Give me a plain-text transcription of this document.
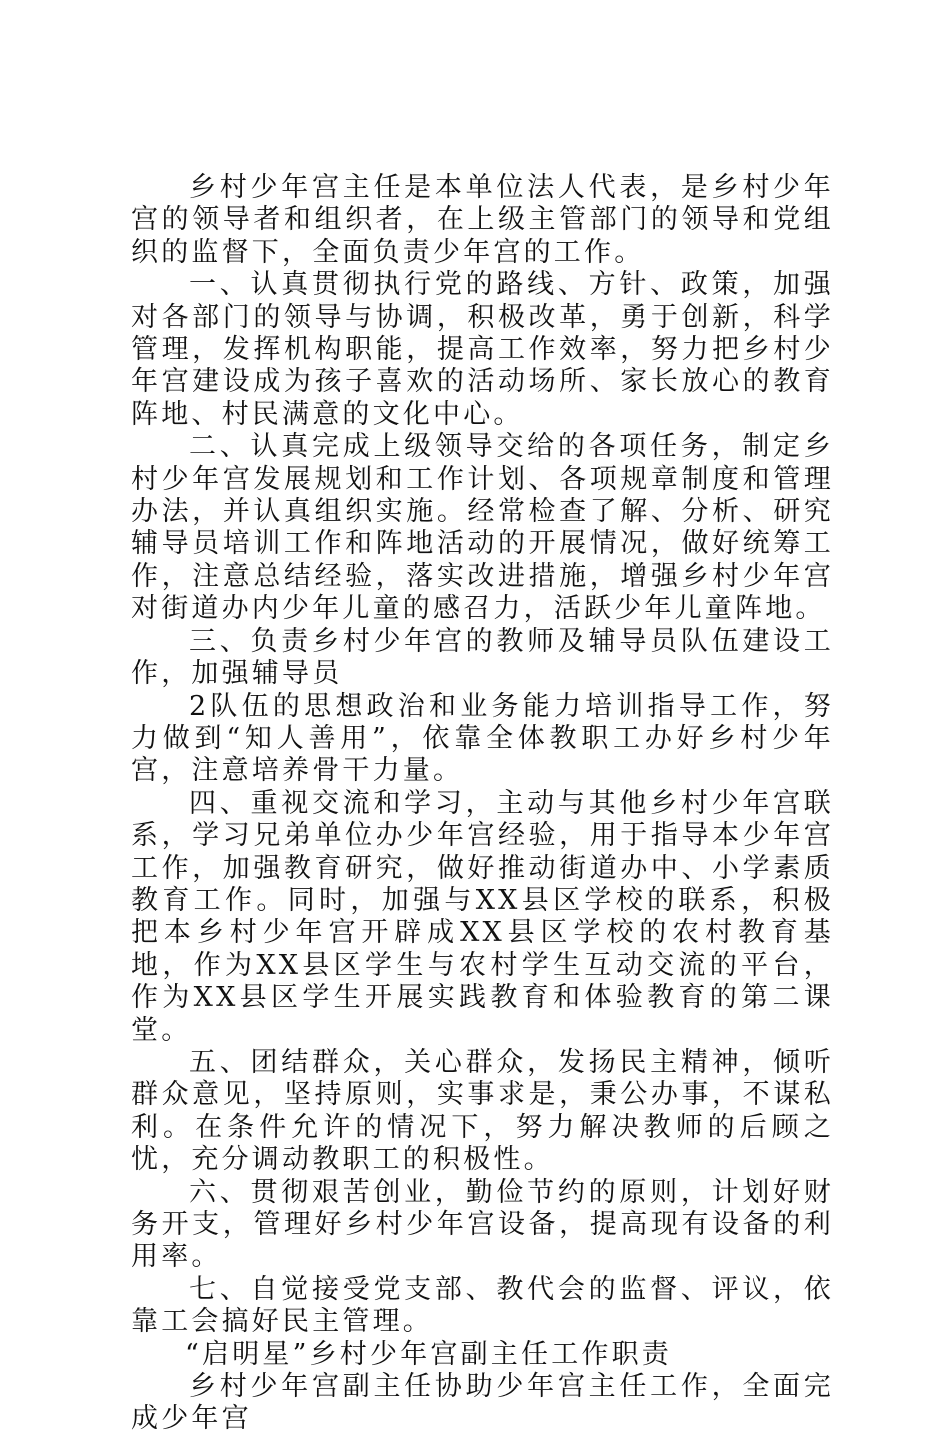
乡村少年宫主任是本单位法人代表，是乡村少年宫的领导者和组织者，在上级主管部门的领导和党组织的监督下，全面负责少年宫的工作。

一、认真贯彻执行党的路线、方针、政策，加强对各部门的领导与协调，积极改革，勇于创新，科学管理，发挥机构职能，提高工作效率，努力把乡村少年宫建设成为孩子喜欢的活动场所、家长放心的教育阵地、村民满意的文化中心。

二、认真完成上级领导交给的各项任务，制定乡村少年宫发展规划和工作计划、各项规章制度和管理办法，并认真组织实施。经常检查了解、分析、研究辅导员培训工作和阵地活动的开展情况，做好统筹工作，注意总结经验，落实改进措施，增强乡村少年宫对街道办内少年儿童的感召力，活跃少年儿童阵地。

三、负责乡村少年宫的教师及辅导员队伍建设工作，加强辅导员

2队伍的思想政治和业务能力培训指导工作，努力做到“知人善用”，依靠全体教职工办好乡村少年宫，注意培养骨干力量。

四、重视交流和学习，主动与其他乡村少年宫联系，学习兄弟单位办少年宫经验，用于指导本少年宫工作，加强教育研究，做好推动街道办中、小学素质教育工作。同时，加强与XX县区学校的联系，积极把本乡村少年宫开辟成XX县区学校的农村教育基地，作为XX县区学生与农村学生互动交流的平台，作为XX县区学生开展实践教育和体验教育的第二课堂。

五、团结群众，关心群众，发扬民主精神，倾听群众意见，坚持原则，实事求是，秉公办事，不谋私利。在条件允许的情况下，努力解决教师的后顾之忧，充分调动教职工的积极性。

六、贯彻艰苦创业，勤俭节约的原则，计划好财务开支，管理好乡村少年宫设备，提高现有设备的利用率。

七、自觉接受党支部、教代会的监督、评议，依靠工会搞好民主管理。

“启明星”乡村少年宫副主任工作职责

乡村少年宫副主任协助少年宫主任工作，全面完成少年宫
